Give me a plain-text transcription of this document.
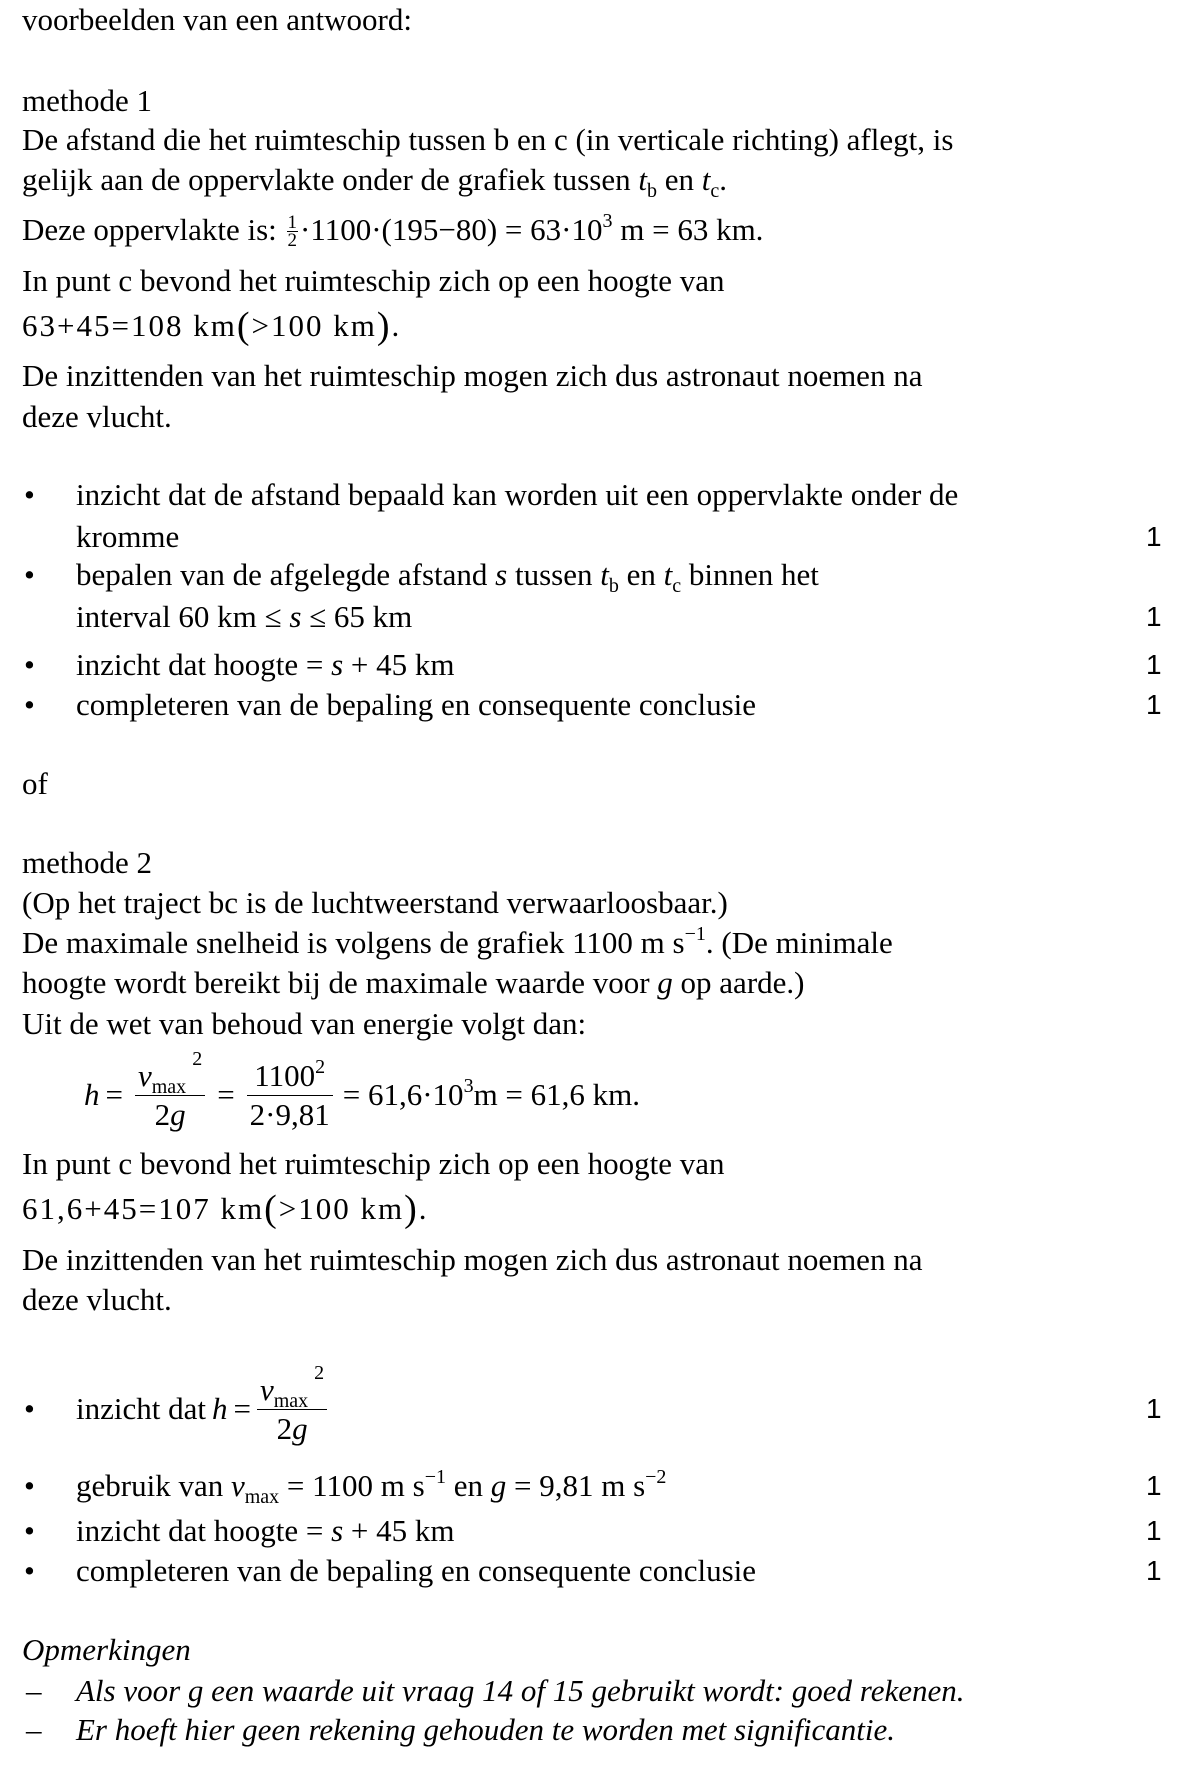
voorbeelden van een antwoord:
methode 1
De afstand die het ruimteschip tussen b en c (in verticale richting) aflegt, is
gelijk aan de oppervlakte onder de grafiek tussen $t_b$ en $t_c$.
Deze oppervlakte is: $\frac{1}{2} \cdot 1100\cdot(195-80) = 63\cdot 10^3$ m = 63 km.
In punt c bevond het ruimteschip zich op een hoogte van
63+45=108 km(>100 km).
De inzittenden van het ruimteschip mogen zich dus astronaut noemen na
deze vlucht.
• inzicht dat de afstand bepaald kan worden uit een oppervlakte onder de
kromme	1
• bepalen van de afgelegde afstand s tussen $t_b$ en $t_c$ binnen het
interval 60 km ≤ s ≤ 65 km	1
• inzicht dat hoogte = s + 45 km	1
• completeren van de bepaling en consequente conclusie	1
of
methode 2
(Op het traject bc is de luchtweerstand verwaarloosbaar.)
De maximale snelheid is volgens de grafiek 1100 m $s^{-1}$. (De minimale
hoogte wordt bereikt bij de maximale waarde voor g op aarde.)
Uit de wet van behoud van energie volgt dan:
$h = \frac{v_{max}^2}{2g} = \frac{1100^2}{2\cdot 9,81} = 61,6\cdot 10^3m = 61,6$ km.
In punt c bevond het ruimteschip zich op een hoogte van
61,6+45=107 km(>100 km).
De inzittenden van het ruimteschip mogen zich dus astronaut noemen na
deze vlucht.
• inzicht dat $h = \frac{v_{max}^2}{2g}$	1
• gebruik van $v_{max} = 1100$ m $s^{-1}$ en g = 9,81 m $s^{-2}$	1
• inzicht dat hoogte = s + 45 km	1
• completeren van de bepaling en consequente conclusie	1
Opmerkingen
– Als voor g een waarde uit vraag 14 of 15 gebruikt wordt: goed rekenen.
– Er hoeft hier geen rekening gehouden te worden met significantie.
